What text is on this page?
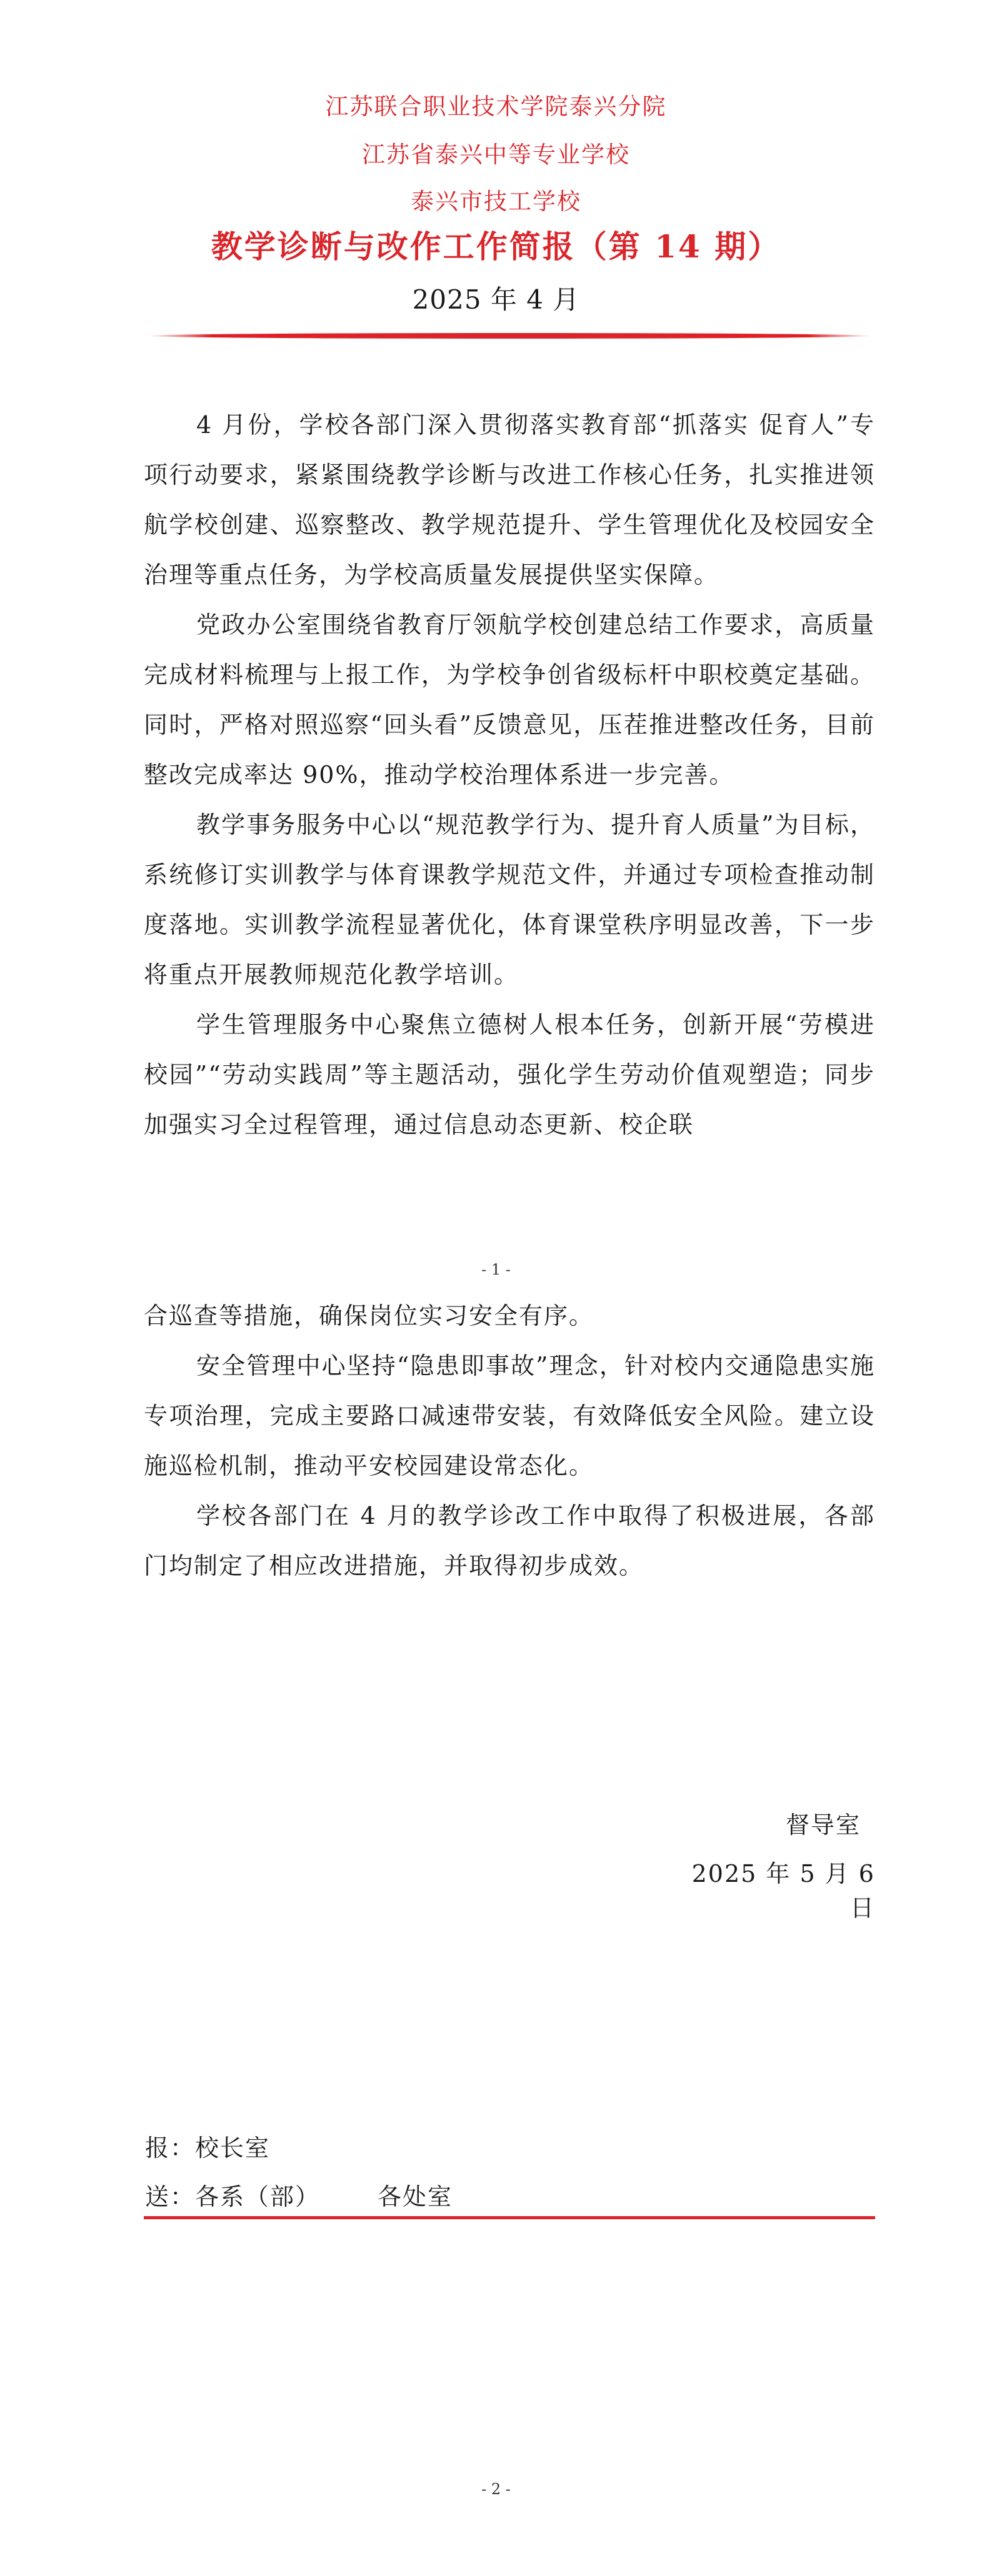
江苏联合职业技术学院泰兴分院
江苏省泰兴中等专业学校
泰兴市技工学校
教学诊断与改作工作简报（第 14 期）
2025 年 4 月

4 月份，学校各部门深入贯彻落实教育部“抓落实 促育人”专项行动要求，紧紧围绕教学诊断与改进工作核心任务，扎实推进领航学校创建、巡察整改、教学规范提升、学生管理优化及校园安全治理等重点任务，为学校高质量发展提供坚实保障。

党政办公室围绕省教育厅领航学校创建总结工作要求，高质量完成材料梳理与上报工作，为学校争创省级标杆中职校奠定基础。同时，严格对照巡察“回头看”反馈意见，压茬推进整改任务，目前整改完成率达 90%，推动学校治理体系进一步完善。

教学事务服务中心以“规范教学行为、提升育人质量”为目标，系统修订实训教学与体育课教学规范文件，并通过专项检查推动制度落地。实训教学流程显著优化，体育课堂秩序明显改善，下一步将重点开展教师规范化教学培训。

学生管理服务中心聚焦立德树人根本任务，创新开展“劳模进校园”“劳动实践周”等主题活动，强化学生劳动价值观塑造；同步加强实习全过程管理，通过信息动态更新、校企联

- 1 -

合巡查等措施，确保岗位实习安全有序。

安全管理中心坚持“隐患即事故”理念，针对校内交通隐患实施专项治理，完成主要路口减速带安装，有效降低安全风险。建立设施巡检机制，推动平安校园建设常态化。

学校各部门在 4 月的教学诊改工作中取得了积极进展，各部门均制定了相应改进措施，并取得初步成效。

督导室
2025 年 5 月 6 日
报：校长室
送：各系（部） 各处室
- 2 -
